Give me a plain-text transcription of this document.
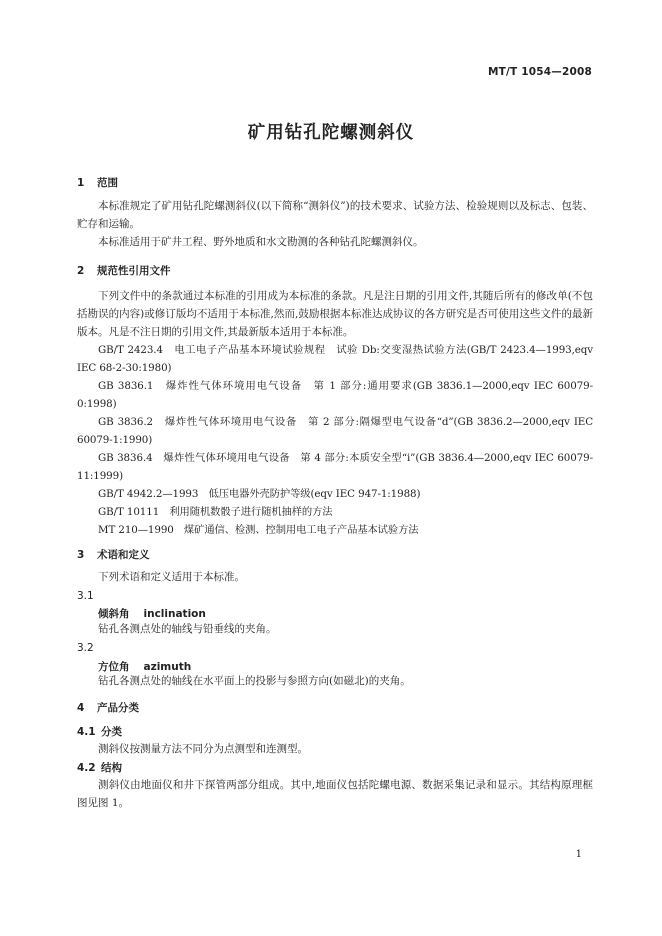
MT/T 1054—2008
矿用钻孔陀螺测斜仪
1 范围

本标准规定了矿用钻孔陀螺测斜仪(以下简称“测斜仪”)的技术要求、试验方法、检验规则以及标志、包装、贮存和运输。

本标准适用于矿井工程、野外地质和水文勘测的各种钻孔陀螺测斜仪。

2 规范性引用文件

下列文件中的条款通过本标准的引用成为本标准的条款。凡是注日期的引用文件,其随后所有的修改单(不包括勘误的内容)或修订版均不适用于本标准,然而,鼓励根据本标准达成协议的各方研究是否可使用这些文件的最新版本。凡是不注日期的引用文件,其最新版本适用于本标准。

GB/T 2423.4　电工电子产品基本环境试验规程　试验 Db:交变湿热试验方法(GB/T 2423.4—1993,eqv IEC 68-2-30:1980)

GB 3836.1　爆炸性气体环境用电气设备　第 1 部分:通用要求(GB 3836.1—2000,eqv IEC 60079-0:1998)

GB 3836.2　爆炸性气体环境用电气设备　第 2 部分:隔爆型电气设备“d”(GB 3836.2—2000,eqv IEC 60079-1:1990)

GB 3836.4　爆炸性气体环境用电气设备　第 4 部分:本质安全型“i”(GB 3836.4—2000,eqv IEC 60079-11:1999)

GB/T 4942.2—1993　低压电器外壳防护等级(eqv IEC 947-1:1988)

GB/T 10111　利用随机数骰子进行随机抽样的方法

MT 210—1990　煤矿通信、检测、控制用电工电子产品基本试验方法

3 术语和定义

下列术语和定义适用于本标准。

3.1
倾斜角 inclination

钻孔各测点处的轴线与铅垂线的夹角。

3.2
方位角 azimuth

钻孔各测点处的轴线在水平面上的投影与参照方向(如磁北)的夹角。

4 产品分类
4.1 分类

测斜仪按测量方法不同分为点测型和连测型。

4.2 结构

测斜仪由地面仪和井下探管两部分组成。其中,地面仪包括陀螺电源、数据采集记录和显示。其结构原理框图见图 1。

1
